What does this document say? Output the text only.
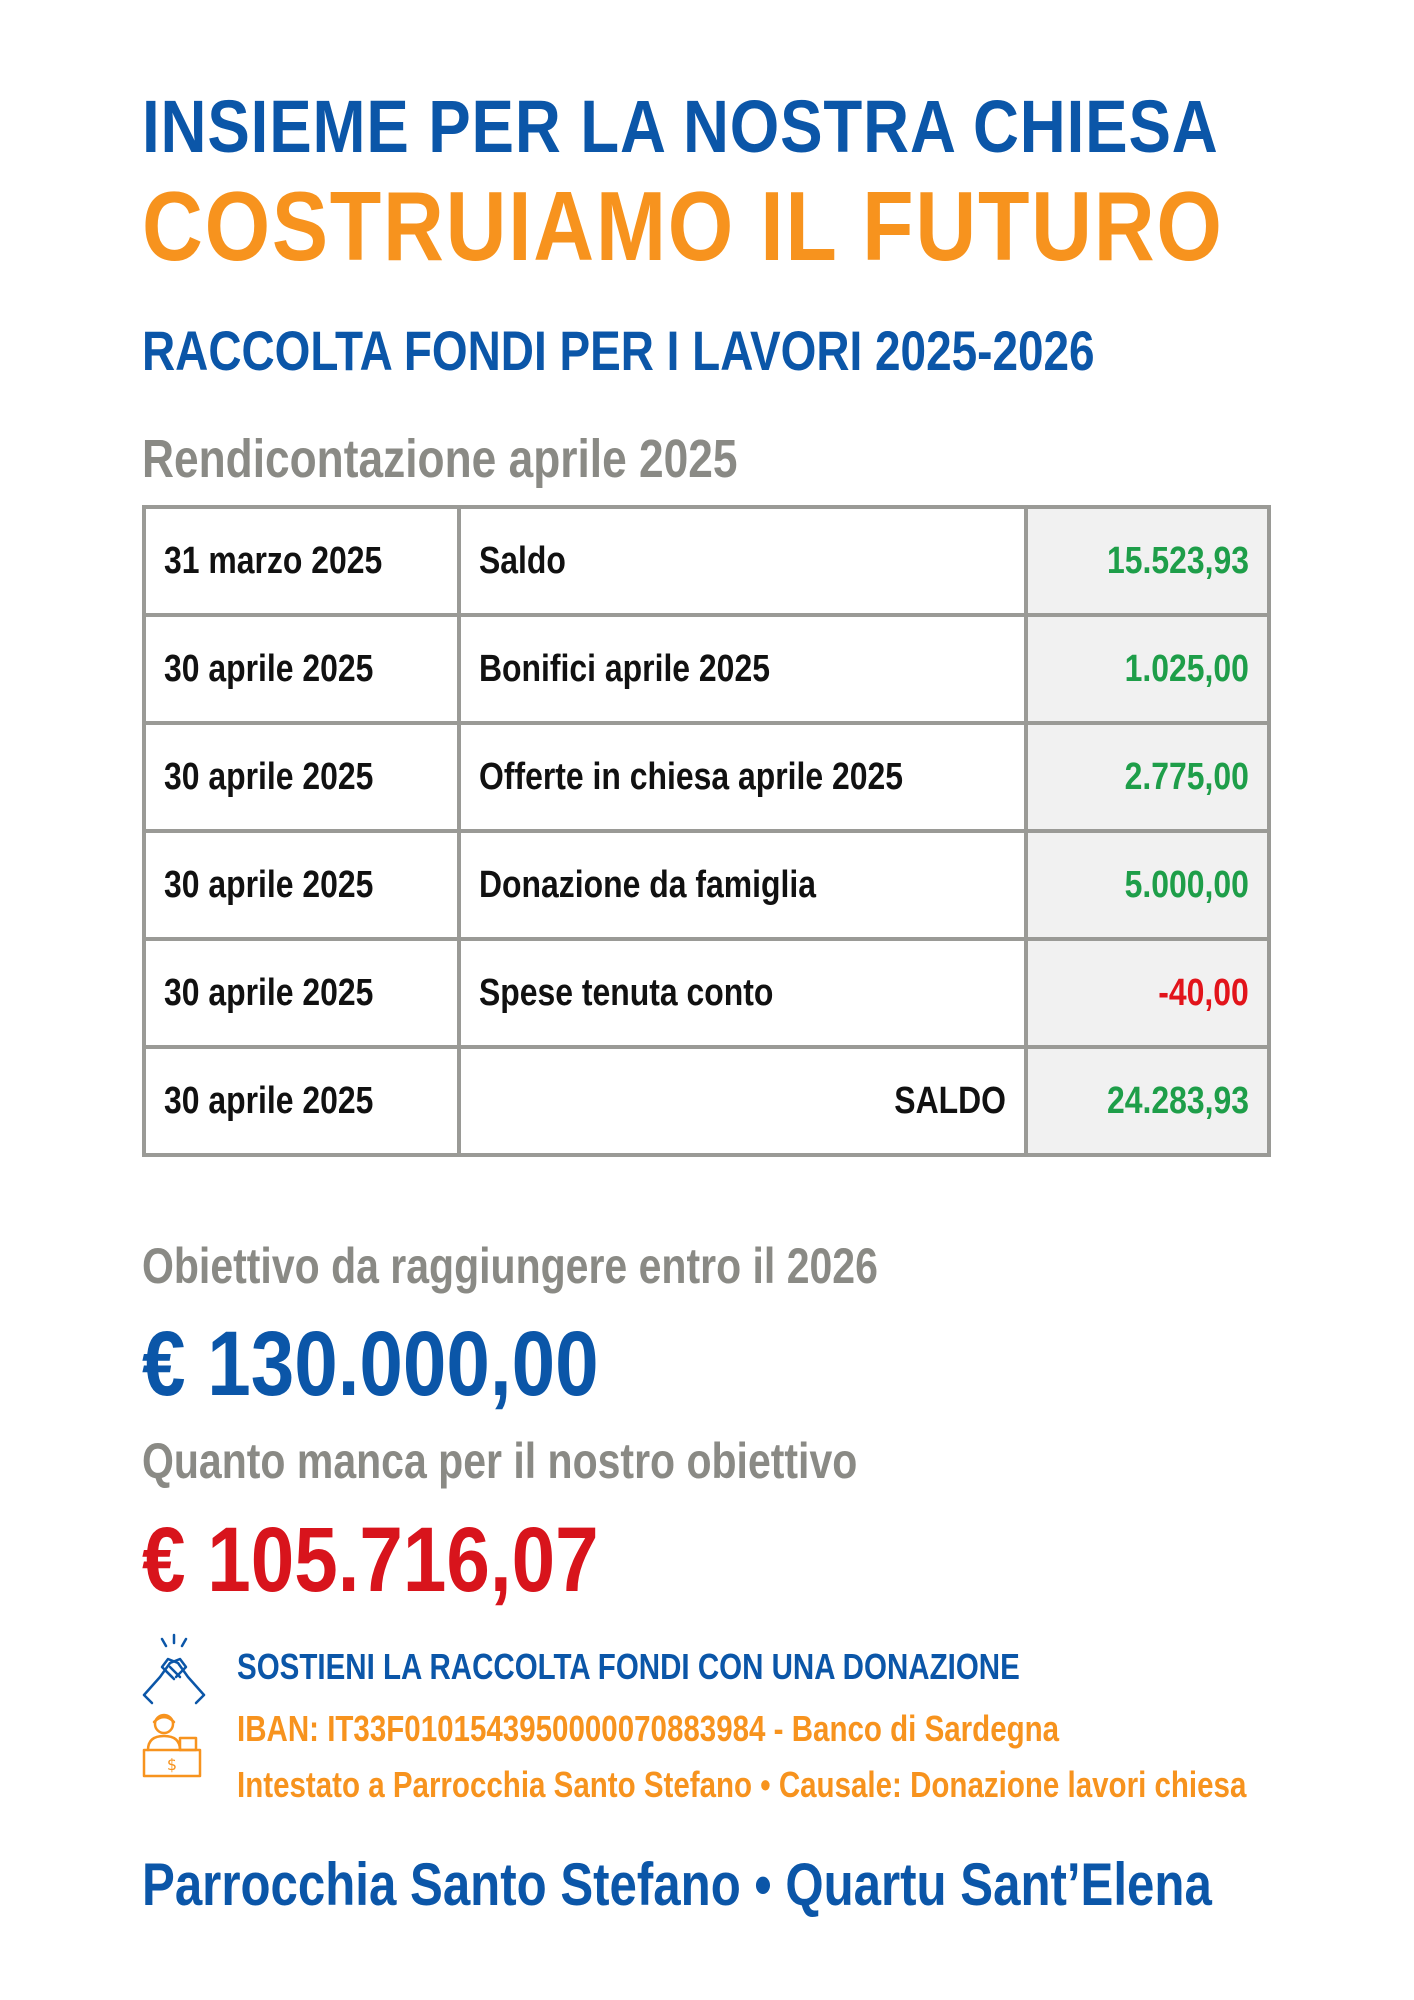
INSIEME PER LA NOSTRA CHIESA
COSTRUIAMO IL FUTURO
RACCOLTA FONDI PER I LAVORI 2025-2026
Rendicontazione aprile 2025
31 marzo 2025	Saldo	15.523,93
30 aprile 2025	Bonifici aprile 2025	1.025,00
30 aprile 2025	Offerte in chiesa aprile 2025	2.775,00
30 aprile 2025	Donazione da famiglia	5.000,00
30 aprile 2025	Spese tenuta conto	-40,00
30 aprile 2025	SALDO	24.283,93
Obiettivo da raggiungere entro il 2026
€ 130.000,00
Quanto manca per il nostro obiettivo
€ 105.716,07
$
SOSTIENI LA RACCOLTA FONDI CON UNA DONAZIONE
IBAN: IT33F0101543950000070883984 - Banco di Sardegna
Intestato a Parrocchia Santo Stefano • Causale: Donazione lavori chiesa
Parrocchia Santo Stefano • Quartu Sant’Elena
